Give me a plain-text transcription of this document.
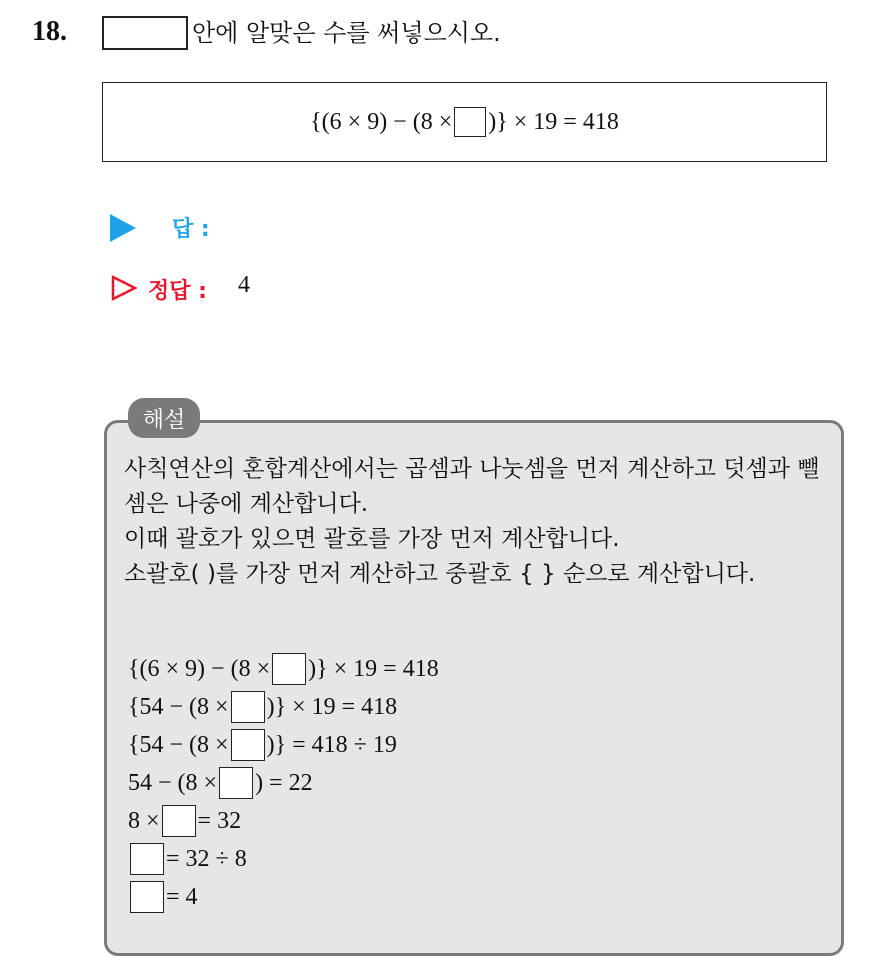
18.	안에 알맞은 수를 써넣으시오.
{(6 × 9) − (8 × )} × 19 = 418
답 :
정답 : 4
해설

사칙연산의 혼합계산에서는 곱셈과 나눗셈을 먼저 계산하고 덧셈과 뺄셈은 나중에 계산합니다.

이때 괄호가 있으면 괄호를 가장 먼저 계산합니다.

소괄호( )를 가장 먼저 계산하고 중괄호 { } 순으로 계산합니다.

{(6 × 9) − (8 × )} × 19 = 418
{54 − (8 × )} × 19 = 418
{54 − (8 × )} = 418 ÷ 19
54 − (8 × ) = 22
8 × = 32
= 32 ÷ 8
= 4
